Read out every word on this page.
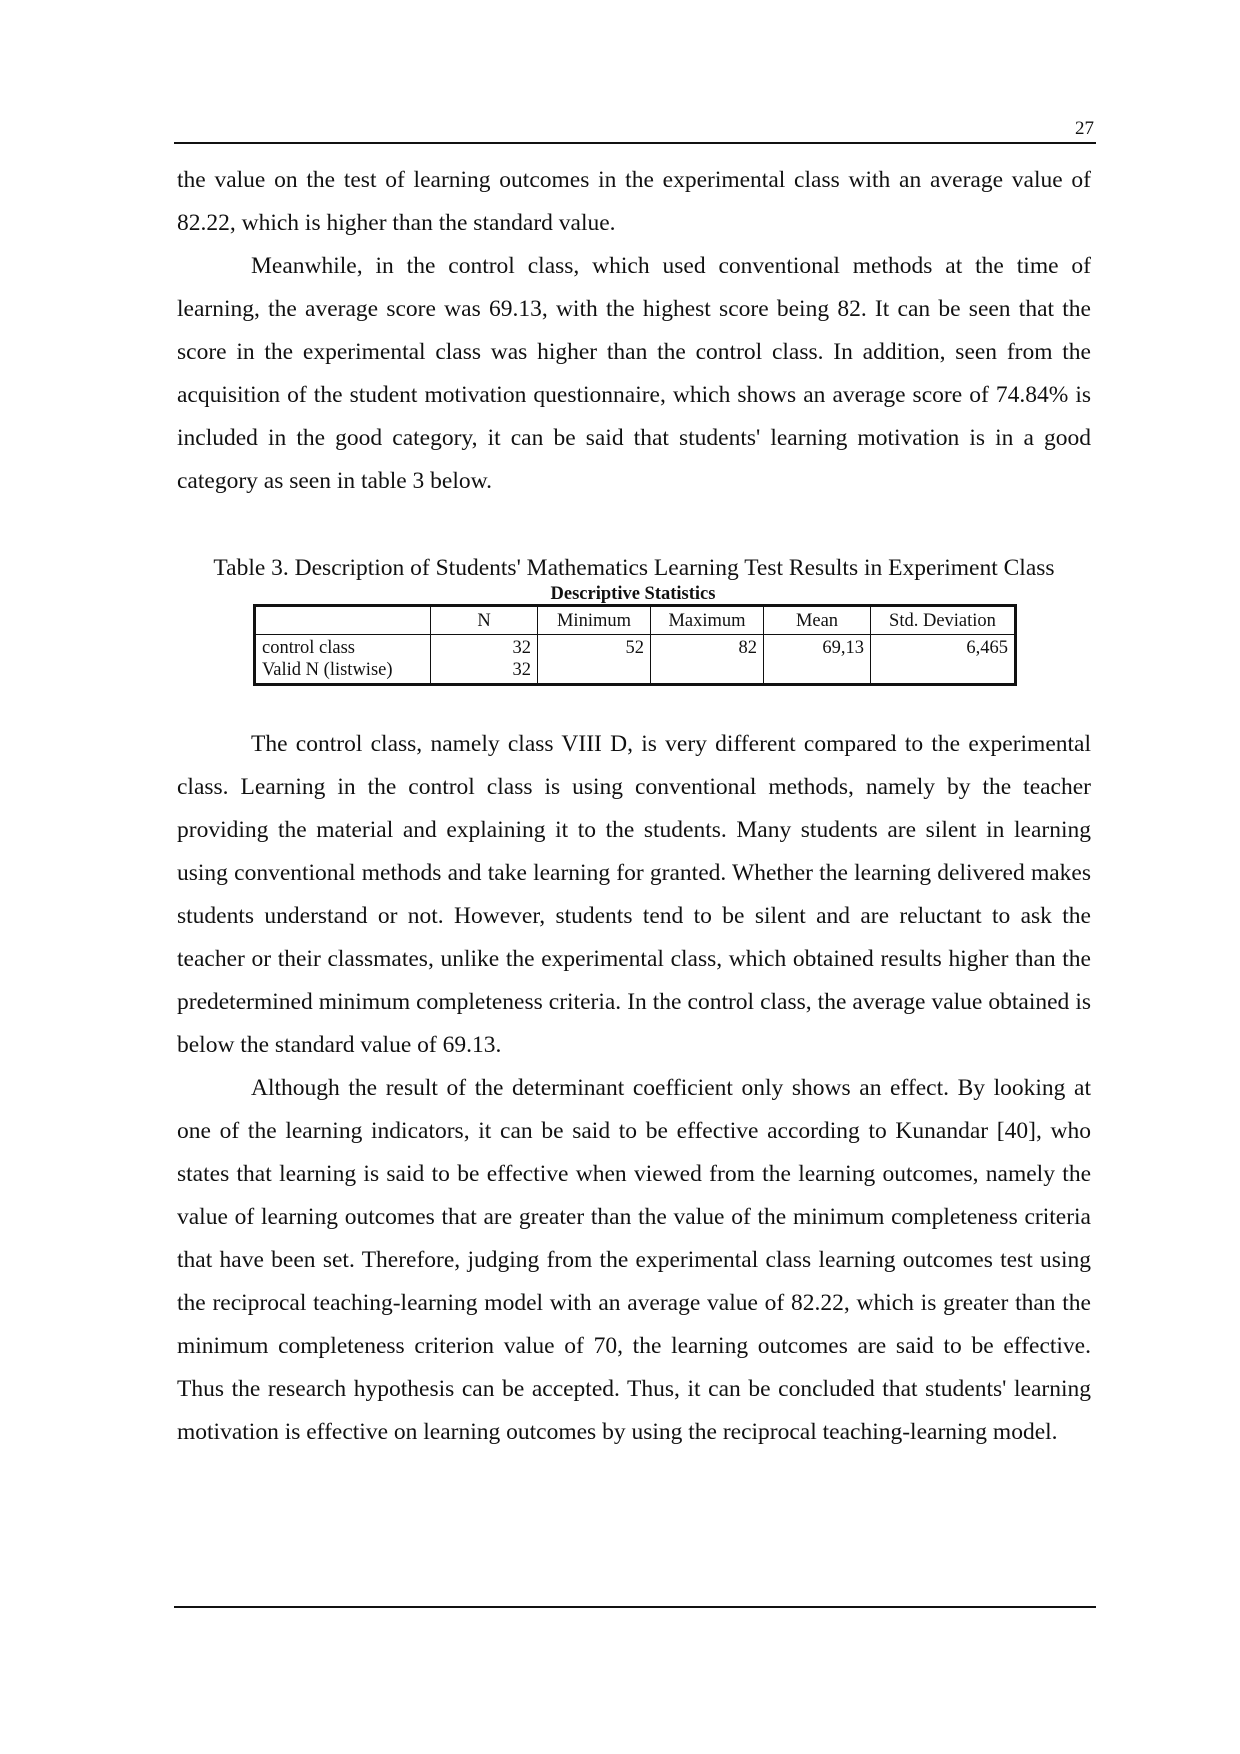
27

the value on the test of learning outcomes in the experimental class with an average value of 82.22, which is higher than the standard value.

Meanwhile, in the control class, which used conventional methods at the time of learning, the average score was 69.13, with the highest score being 82. It can be seen that the score in the experimental class was higher than the control class. In addition, seen from the acquisition of the student motivation questionnaire, which shows an average score of 74.84% is included in the good category, it can be said that students' learning motivation is in a good category as seen in table 3 below.

Table 3. Description of Students' Mathematics Learning Test Results in Experiment Class
Descriptive Statistics
	N	Minimum	Maximum	Mean	Std. Deviation
control class	32	52	82	69,13	6,465
Valid N (listwise)	32				

The control class, namely class VIII D, is very different compared to the experimental class. Learning in the control class is using conventional methods, namely by the teacher providing the material and explaining it to the students. Many students are silent in learning using conventional methods and take learning for granted. Whether the learning delivered makes students understand or not. However, students tend to be silent and are reluctant to ask the teacher or their classmates, unlike the experimental class, which obtained results higher than the predetermined minimum completeness criteria. In the control class, the average value obtained is below the standard value of 69.13.

Although the result of the determinant coefficient only shows an effect. By looking at one of the learning indicators, it can be said to be effective according to Kunandar [40], who states that learning is said to be effective when viewed from the learning outcomes, namely the value of learning outcomes that are greater than the value of the minimum completeness criteria that have been set. Therefore, judging from the experimental class learning outcomes test using the reciprocal teaching-learning model with an average value of 82.22, which is greater than the minimum completeness criterion value of 70, the learning outcomes are said to be effective. Thus the research hypothesis can be accepted. Thus, it can be concluded that students' learning motivation is effective on learning outcomes by using the reciprocal teaching-learning model.
